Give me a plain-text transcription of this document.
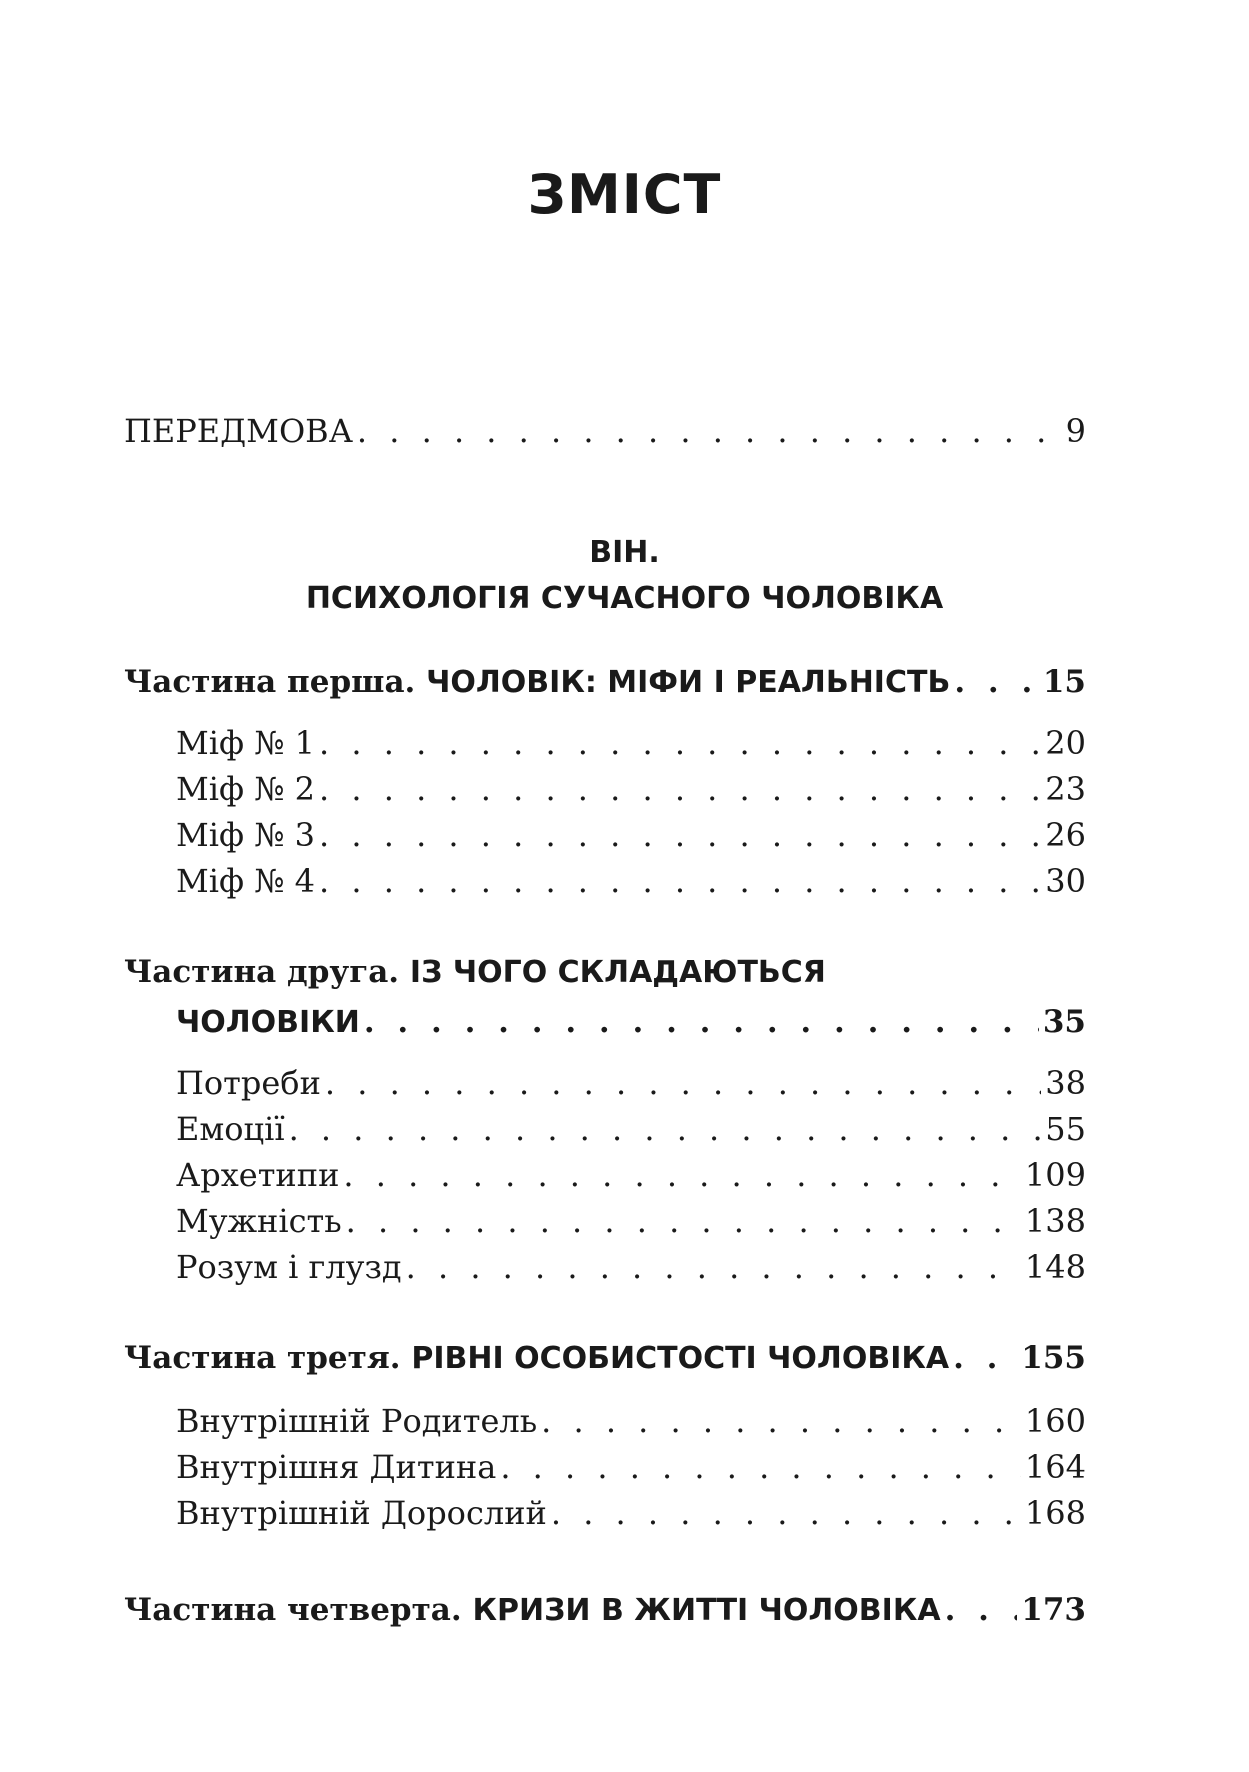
ЗМІСТ
ПЕРЕДМОВА . . .	9
ВІН.
ПСИХОЛОГІЯ СУЧАСНОГО ЧОЛОВІКА
Частина перша. ЧОЛОВІК: МІФИ І РЕАЛЬНІСТЬ . . .	15
Міф № 1 . . .	20
Міф № 2 . . .	23
Міф № 3 . . .	26
Міф № 4 . . .	30
Частина друга. ІЗ ЧОГО СКЛАДАЮТЬСЯ
ЧОЛОВІКИ . . .	35
Потреби . . .	38
Емоції . . .	55
Архетипи . . .	109
Мужність . . .	138
Розум і глузд . . .	148
Частина третя. РІВНІ ОСОБИСТОСТІ ЧОЛОВІКА . . . 155
Внутрішній Родитель . . .	160
Внутрішня Дитина . . .	164
Внутрішній Дорослий . . .	168
Частина четверта. КРИЗИ В ЖИТТІ ЧОЛОВІКА . . .	173
